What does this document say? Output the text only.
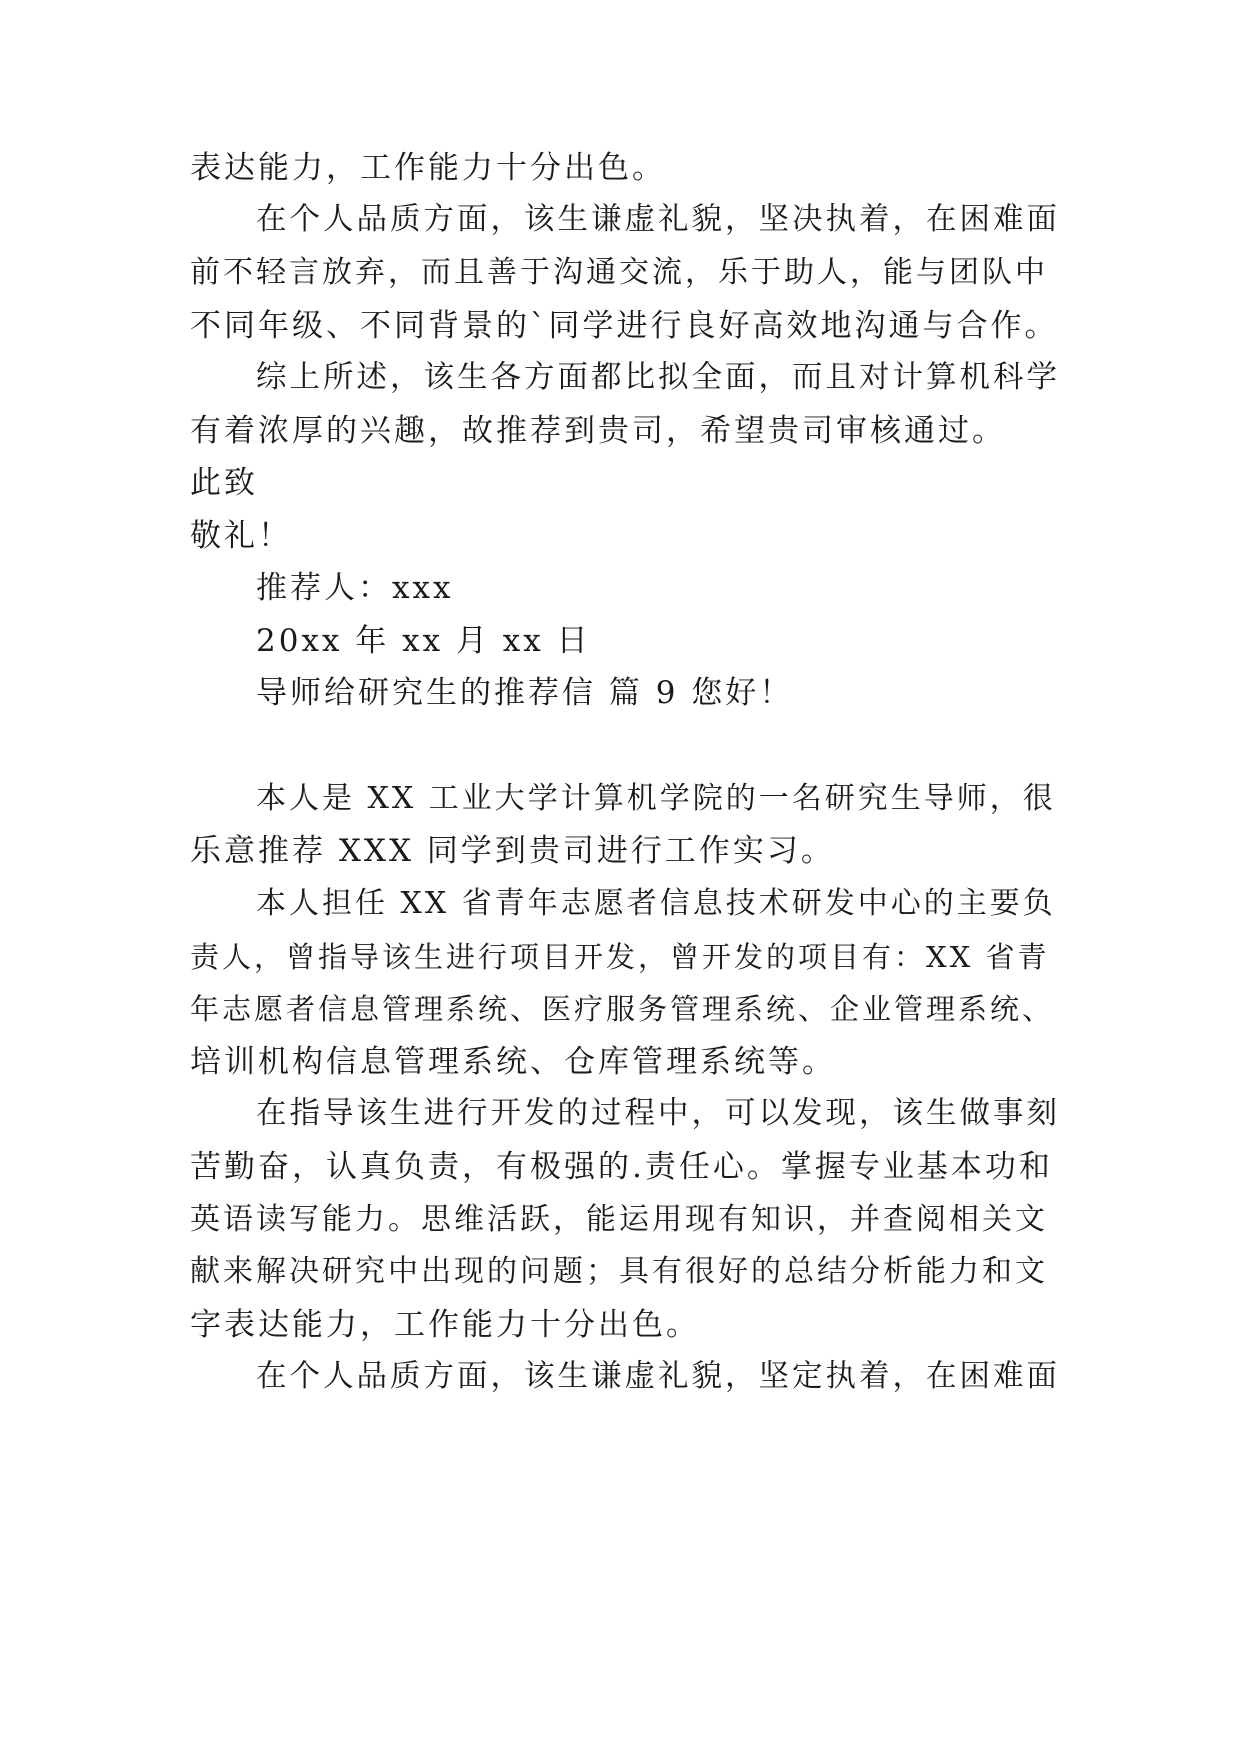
表达能力，工作能力十分出色。
在个人品质方面，该生谦虚礼貌，坚决执着，在困难面
前不轻言放弃，而且善于沟通交流，乐于助人，能与团队中
不同年级、不同背景的`同学进行良好高效地沟通与合作。
综上所述，该生各方面都比拟全面，而且对计算机科学
有着浓厚的兴趣，故推荐到贵司，希望贵司审核通过。
此致
敬礼！
推荐人：xxx
20xx 年 xx 月 xx 日
导师给研究生的推荐信 篇 9 您好！
本人是 XX 工业大学计算机学院的一名研究生导师，很
乐意推荐 XXX 同学到贵司进行工作实习。
本人担任 XX 省青年志愿者信息技术研发中心的主要负
责人，曾指导该生进行项目开发，曾开发的项目有：XX 省青
年志愿者信息管理系统、医疗服务管理系统、企业管理系统、
培训机构信息管理系统、仓库管理系统等。
在指导该生进行开发的过程中，可以发现，该生做事刻
苦勤奋，认真负责，有极强的.责任心。掌握专业基本功和
英语读写能力。思维活跃，能运用现有知识，并查阅相关文
献来解决研究中出现的问题；具有很好的总结分析能力和文
字表达能力，工作能力十分出色。
在个人品质方面，该生谦虚礼貌，坚定执着，在困难面
